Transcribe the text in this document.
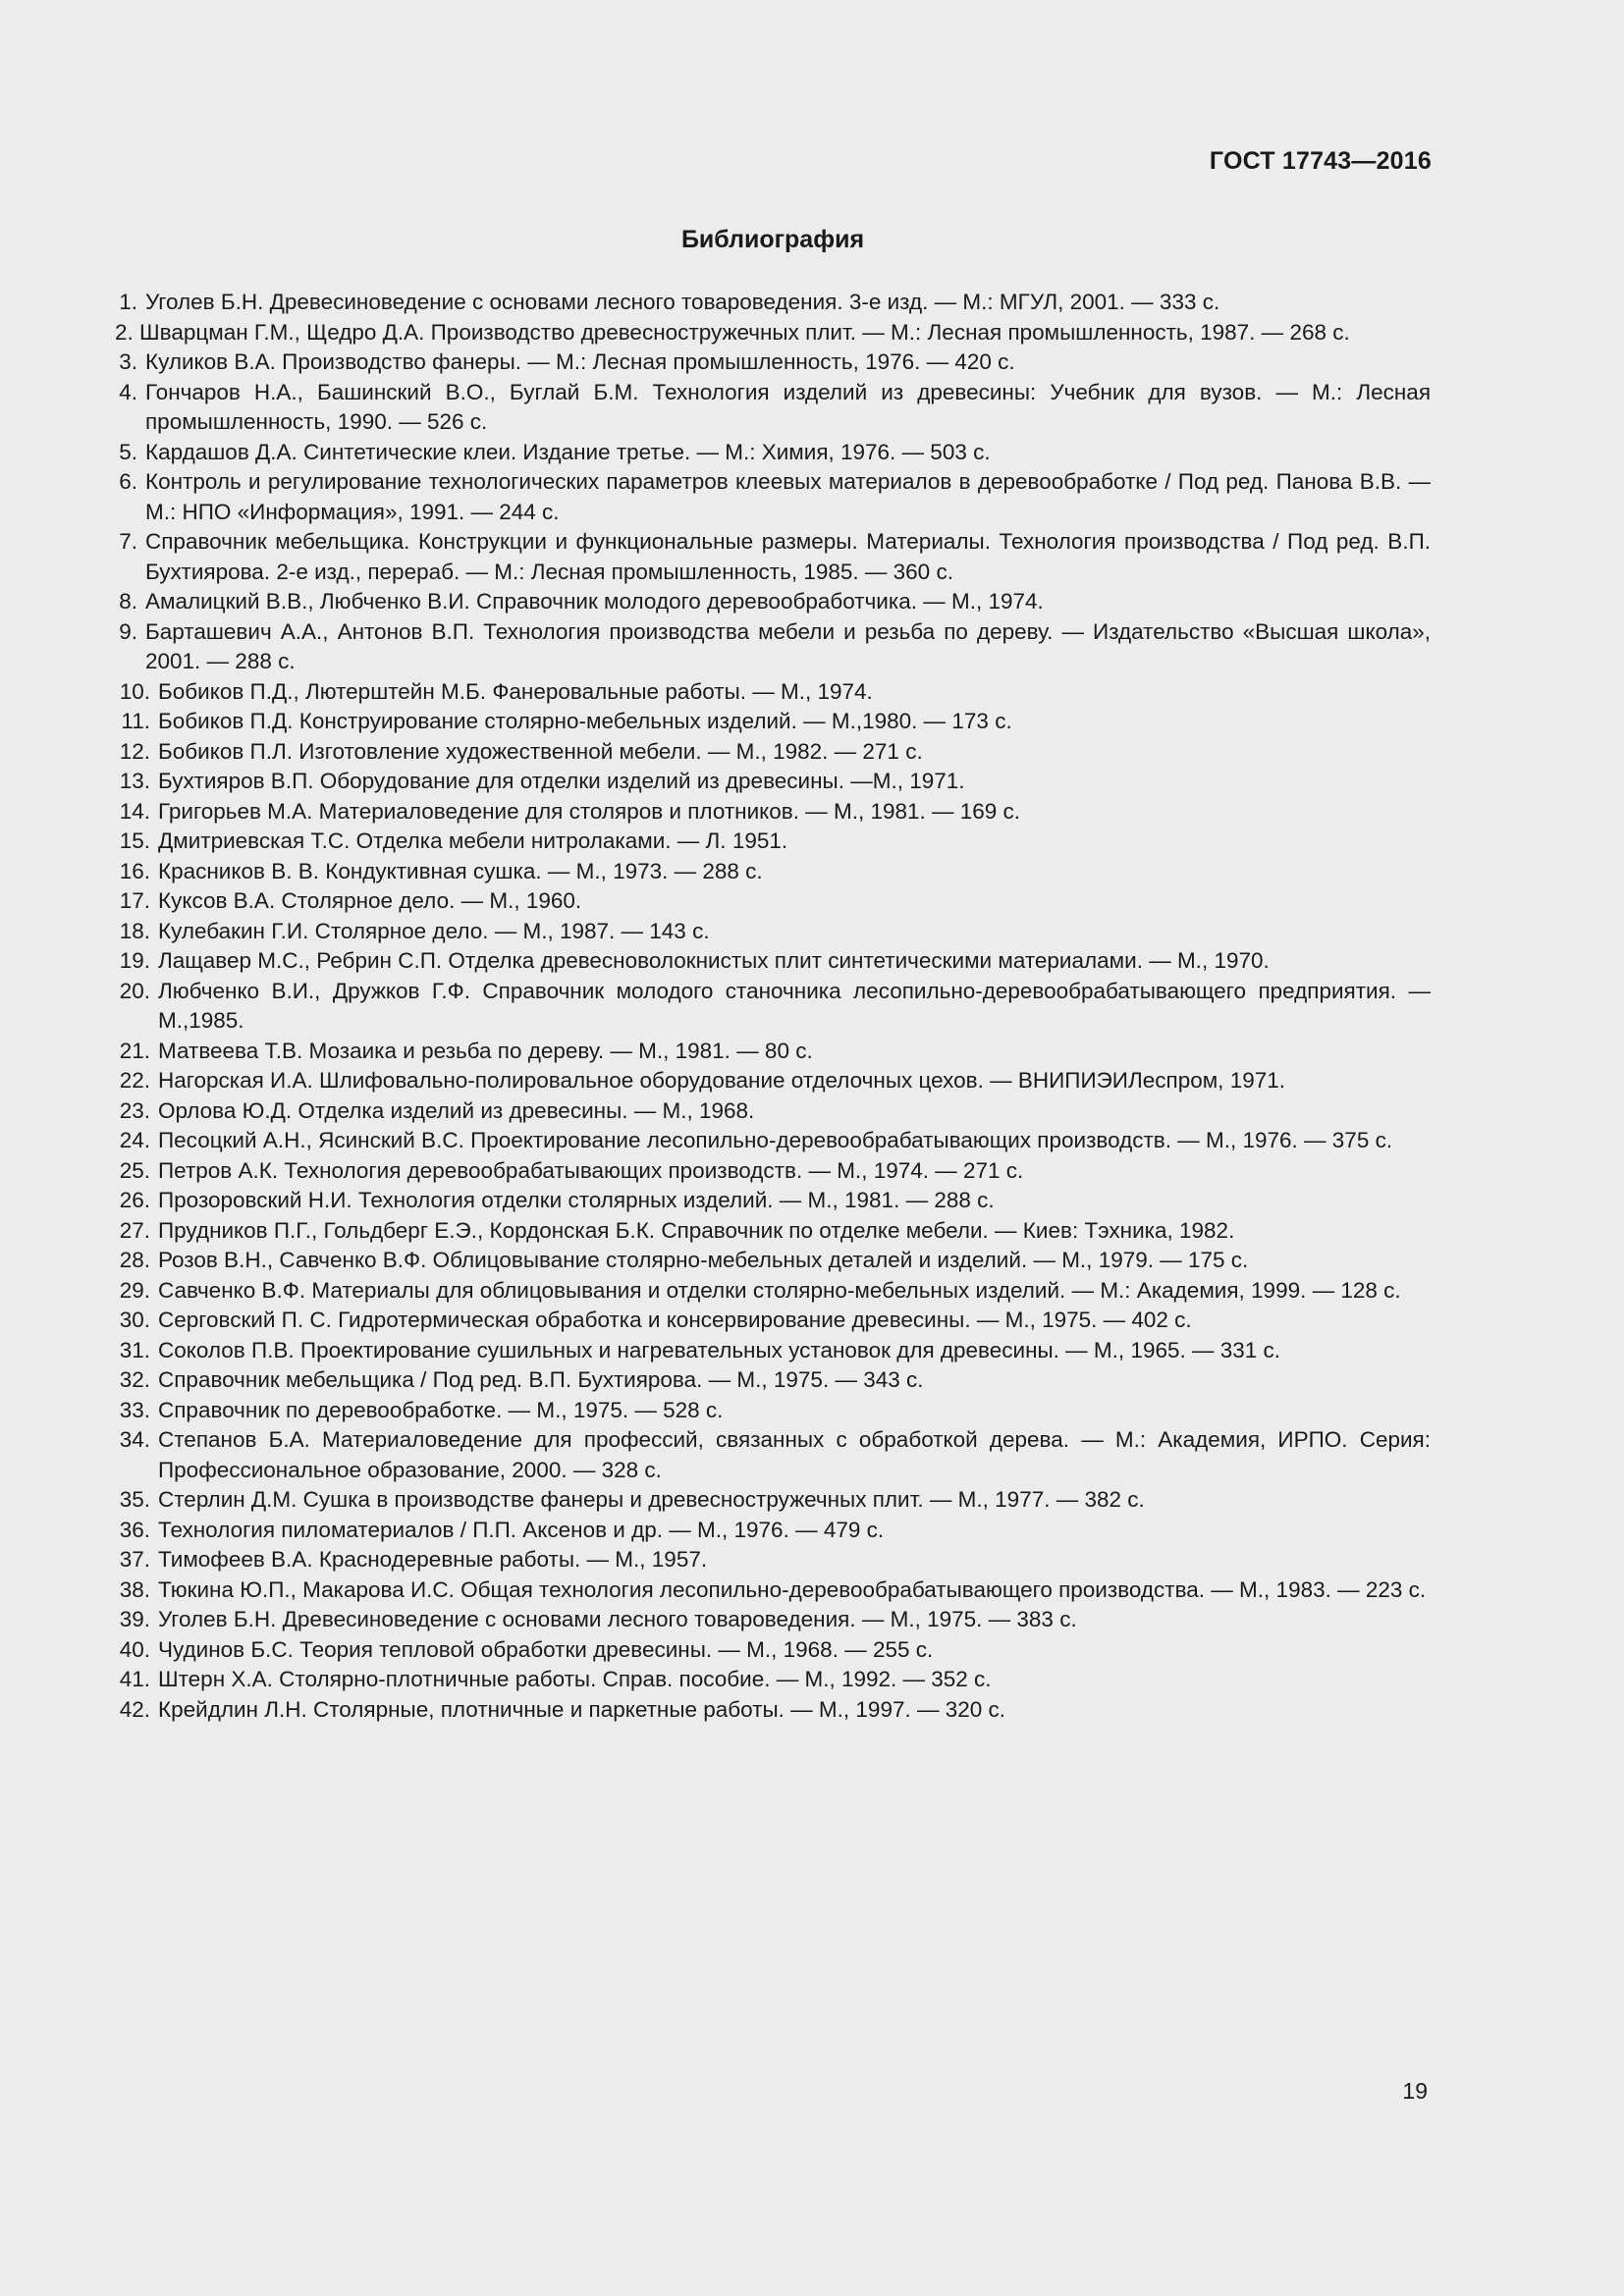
ГОСТ 17743—2016
Библиография
1. Уголев Б.Н. Древесиноведение с основами лесного товароведения. 3-е изд. — М.: МГУЛ, 2001. — 333 с.
2. Шварцман Г.М., Щедро Д.А. Производство древесностружечных плит. — М.: Лесная промышленность, 1987. — 268 с.
3. Куликов В.А. Производство фанеры. — М.: Лесная промышленность, 1976. — 420 с.
4. Гончаров Н.А., Башинский В.О., Буглай Б.М. Технология изделий из древесины: Учебник для вузов. — М.: Лесная промышленность, 1990. — 526 с.
5. Кардашов Д.А. Синтетические клеи. Издание третье. — М.: Химия, 1976. — 503 с.
6. Контроль и регулирование технологических параметров клеевых материалов в деревообработке / Под ред. Панова В.В. — М.: НПО «Информация», 1991. — 244 с.
7. Справочник мебельщика. Конструкции и функциональные размеры. Материалы. Технология производства / Под ред. В.П. Бухтиярова. 2-е изд., перераб. — М.: Лесная промышленность, 1985. — 360 с.
8. Амалицкий В.В., Любченко В.И. Справочник молодого деревообработчика. — М., 1974.
9. Барташевич А.А., Антонов В.П. Технология производства мебели и резьба по дереву. — Издательство «Высшая школа», 2001. — 288 с.
10. Бобиков П.Д., Лютерштейн М.Б. Фанеровальные работы. — М., 1974.
11. Бобиков П.Д. Конструирование столярно-мебельных изделий. — М.,1980. — 173 с.
12. Бобиков П.Л. Изготовление художественной мебели. — М., 1982. — 271 с.
13. Бухтияров В.П. Оборудование для отделки изделий из древесины. —М., 1971.
14. Григорьев М.А. Материаловедение для столяров и плотников. — М., 1981. — 169 с.
15. Дмитриевская Т.С. Отделка мебели нитролаками. — Л. 1951.
16. Красников В. В. Кондуктивная сушка. — М., 1973. — 288 с.
17. Куксов В.А. Столярное дело. — М., 1960.
18. Кулебакин Г.И. Столярное дело. — М., 1987. — 143 с.
19. Лащавер М.С., Ребрин С.П. Отделка древесноволокнистых плит синтетическими материалами. — М., 1970.
20. Любченко В.И., Дружков Г.Ф. Справочник молодого станочника лесопильно-деревообрабатывающего предприятия. — М.,1985.
21. Матвеева Т.В. Мозаика и резьба по дереву. — М., 1981. — 80 с.
22. Нагорская И.А. Шлифовально-полировальное оборудование отделочных цехов. — ВНИПИЭИЛеспром, 1971.
23. Орлова Ю.Д. Отделка изделий из древесины. — М., 1968.
24. Песоцкий А.Н., Ясинский В.С. Проектирование лесопильно-деревообрабатывающих производств. — М., 1976. — 375 с.
25. Петров А.К. Технология деревообрабатывающих производств. — М., 1974. — 271 с.
26. Прозоровский Н.И. Технология отделки столярных изделий. — М., 1981. — 288 с.
27. Прудников П.Г., Гольдберг Е.Э., Кордонская Б.К. Справочник по отделке мебели. — Киев: Тэхника, 1982.
28. Розов В.Н., Савченко В.Ф. Облицовывание столярно-мебельных деталей и изделий. — М., 1979. — 175 с.
29. Савченко В.Ф. Материалы для облицовывания и отделки столярно-мебельных изделий. — М.: Академия, 1999. — 128 с.
30. Серговский П. С. Гидротермическая обработка и консервирование древесины. — М., 1975. — 402 с.
31. Соколов П.В. Проектирование сушильных и нагревательных установок для древесины. — М., 1965. — 331 с.
32. Справочник мебельщика / Под ред. В.П. Бухтиярова. — М., 1975. — 343 с.
33. Справочник по деревообработке. — М., 1975. — 528 с.
34. Степанов Б.А. Материаловедение для профессий, связанных с обработкой дерева. — М.: Академия, ИРПО. Серия: Профессиональное образование, 2000. — 328 с.
35. Стерлин Д.М. Сушка в производстве фанеры и древесностружечных плит. — М., 1977. — 382 с.
36. Технология пиломатериалов / П.П. Аксенов и др. — М., 1976. — 479 с.
37. Тимофеев В.А. Краснодеревные работы. — М., 1957.
38. Тюкина Ю.П., Макарова И.С. Общая технология лесопильно-деревообрабатывающего производства. — М., 1983. — 223 с.
39. Уголев Б.Н. Древесиноведение с основами лесного товароведения. — М., 1975. — 383 с.
40. Чудинов Б.С. Теория тепловой обработки древесины. — М., 1968. — 255 с.
41. Штерн Х.А. Столярно-плотничные работы. Справ. пособие. — М., 1992. — 352 с.
42. Крейдлин Л.Н. Столярные, плотничные и паркетные работы. — М., 1997. — 320 с.
19
